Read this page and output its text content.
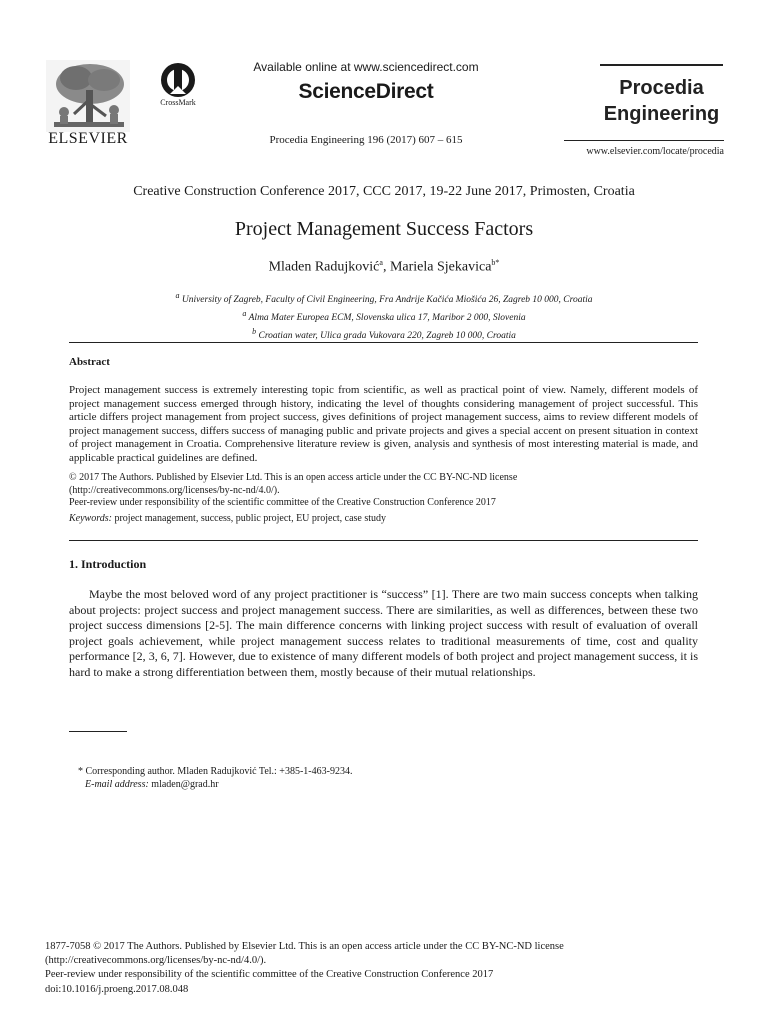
ELSEVIER
CrossMark
Available online at www.sciencedirect.com
ScienceDirect
Procedia Engineering 196 (2017) 607 – 615
Procedia
Engineering
www.elsevier.com/locate/procedia
Creative Construction Conference 2017, CCC 2017, 19-22 June 2017, Primosten, Croatia
Project Management Success Factors
Mladen Radujković$^a$, Mariela Sjekavica$^{b*}$
$^a$ University of Zagreb, Faculty of Civil Engineering, Fra Andrije Kačića Miošića 26, Zagreb 10 000, Croatia
$^a$ Alma Mater Europea ECM, Slovenska ulica 17, Maribor 2 000, Slovenia
$^b$ Croatian water, Ulica grada Vukovara 220, Zagreb 10 000, Croatia
Abstract
Project management success is extremely interesting topic from scientific, as well as practical point of view. Namely, different models of project management success emerged through history, indicating the level of thoughts considering management of project successful. This article differs project management from project success, gives definitions of project management success, aims to review different models of project management success, differs success of managing public and private projects and gives a special accent on present situation in context of project management in Croatia. Comprehensive literature review is given, analysis and synthesis of most interesting material is made, and applicable practical guidelines are defined.
© 2017 The Authors. Published by Elsevier Ltd. This is an open access article under the CC BY-NC-ND license
(http://creativecommons.org/licenses/by-nc-nd/4.0/).
Peer-review under responsibility of the scientific committee of the Creative Construction Conference 2017
Keywords: project management, success, public project, EU project, case study
1. Introduction
Maybe the most beloved word of any project practitioner is “success” [1]. There are two main success concepts when talking about projects: project success and project management success. There are similarities, as well as differences, between these two project success dimensions [2-5]. The main difference concerns with linking project success with result of evaluation of overall project goals achievement, while project management success relates to traditional measurements of time, cost and quality performance [2, 3, 6, 7]. However, due to existence of many different models of both project and project management success, it is hard to make a strong differentiation between them, mostly because of their mutual relationships.
* Corresponding author. Mladen Radujković Tel.: +385-1-463-9234.
E-mail address: mladen@grad.hr
1877-7058 © 2017 The Authors. Published by Elsevier Ltd. This is an open access article under the CC BY-NC-ND license
(http://creativecommons.org/licenses/by-nc-nd/4.0/).
Peer-review under responsibility of the scientific committee of the Creative Construction Conference 2017
doi:10.1016/j.proeng.2017.08.048
